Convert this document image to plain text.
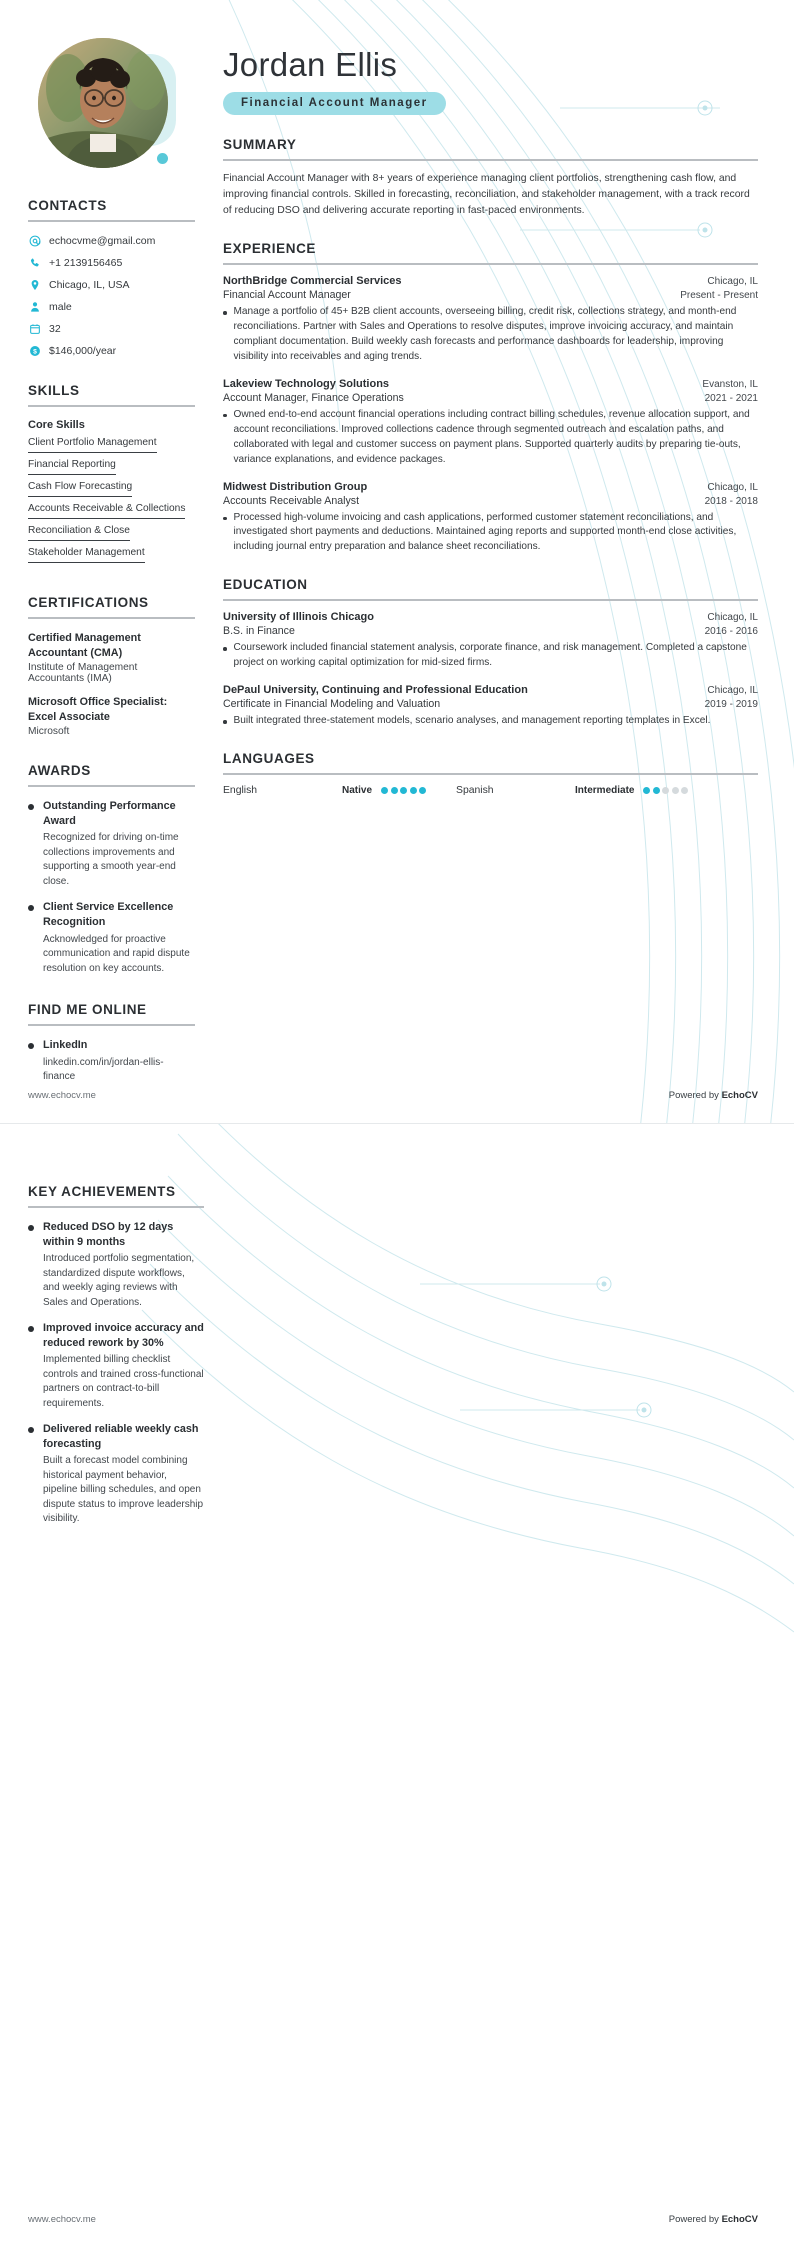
CONTACTS
echocvme@gmail.com
+1 2139156465
Chicago, IL, USA
male
32
$ $146,000/year
SKILLS
Core Skills
Client Portfolio Management
Financial Reporting
Cash Flow Forecasting
Accounts Receivable & Collections
Reconciliation & Close
Stakeholder Management
CERTIFICATIONS
Certified Management Accountant (CMA)
Institute of Management Accountants (IMA)
Microsoft Office Specialist: Excel Associate
Microsoft
AWARDS
Outstanding Performance Award
Recognized for driving on-time collections improvements and supporting a smooth year-end close.
Client Service Excellence Recognition
Acknowledged for proactive communication and rapid dispute resolution on key accounts.
FIND ME ONLINE
LinkedIn
linkedin.com/in/jordan-ellis-finance
Jordan Ellis
Financial Account Manager
SUMMARY

Financial Account Manager with 8+ years of experience managing client portfolios, strengthening cash flow, and improving financial controls. Skilled in forecasting, reconciliation, and stakeholder management, with a track record of reducing DSO and delivering accurate reporting in fast-paced environments.

EXPERIENCE
NorthBridge Commercial Services	Chicago, IL
Financial Account Manager	Present - Present
Manage a portfolio of 45+ B2B client accounts, overseeing billing, credit risk, collections strategy, and month-end reconciliations. Partner with Sales and Operations to resolve disputes, improve invoicing accuracy, and maintain compliant documentation. Build weekly cash forecasts and performance dashboards for leadership, improving visibility into receivables and aging trends.
Lakeview Technology Solutions	Evanston, IL
Account Manager, Finance Operations	2021 - 2021
Owned end-to-end account financial operations including contract billing schedules, revenue allocation support, and account reconciliations. Improved collections cadence through segmented outreach and escalation paths, and collaborated with legal and customer success on payment plans. Supported quarterly audits by preparing tie-outs, variance explanations, and evidence packages.
Midwest Distribution Group	Chicago, IL
Accounts Receivable Analyst	2018 - 2018
Processed high-volume invoicing and cash applications, performed customer statement reconciliations, and investigated short payments and deductions. Maintained aging reports and supported month-end close activities, including journal entry preparation and balance sheet reconciliations.
EDUCATION
University of Illinois Chicago	Chicago, IL
B.S. in Finance	2016 - 2016
Coursework included financial statement analysis, corporate finance, and risk management. Completed a capstone project on working capital optimization for mid-sized firms.
DePaul University, Continuing and Professional Education	Chicago, IL
Certificate in Financial Modeling and Valuation	2019 - 2019
Built integrated three-statement models, scenario analyses, and management reporting templates in Excel.
LANGUAGES
English	Native	Spanish	Intermediate
www.echocv.me	Powered by EchoCV
KEY ACHIEVEMENTS
Reduced DSO by 12 days within 9 months
Introduced portfolio segmentation, standardized dispute workflows, and weekly aging reviews with Sales and Operations.
Improved invoice accuracy and reduced rework by 30%
Implemented billing checklist controls and trained cross-functional partners on contract-to-bill requirements.
Delivered reliable weekly cash forecasting
Built a forecast model combining historical payment behavior, pipeline billing schedules, and open dispute status to improve leadership visibility.
www.echocv.me	Powered by EchoCV
